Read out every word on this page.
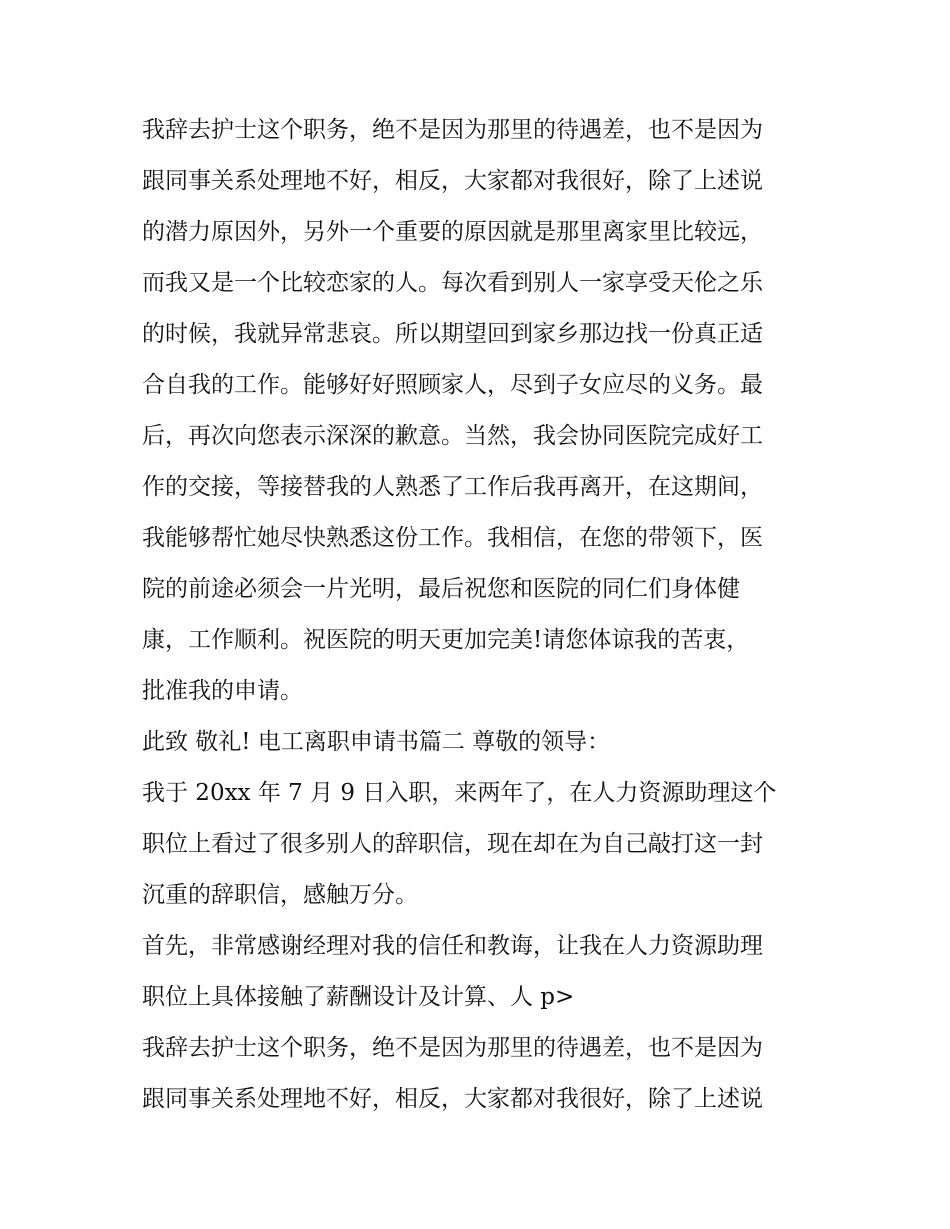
我辞去护士这个职务，绝不是因为那里的待遇差，也不是因为
跟同事关系处理地不好，相反，大家都对我很好，除了上述说
的潜力原因外，另外一个重要的原因就是那里离家里比较远，
而我又是一个比较恋家的人。每次看到别人一家享受天伦之乐
的时候，我就异常悲哀。所以期望回到家乡那边找一份真正适
合自我的工作。能够好好照顾家人，尽到子女应尽的义务。最
后，再次向您表示深深的歉意。当然，我会协同医院完成好工
作的交接，等接替我的人熟悉了工作后我再离开，在这期间，
我能够帮忙她尽快熟悉这份工作。我相信，在您的带领下，医
院的前途必须会一片光明，最后祝您和医院的同仁们身体健
康，工作顺利。祝医院的明天更加完美!请您体谅我的苦衷，
批准我的申请。
此致 敬礼! 电工离职申请书篇二 尊敬的领导：
我于 20xx 年 7 月 9 日入职，来两年了，在人力资源助理这个
职位上看过了很多别人的辞职信，现在却在为自己敲打这一封
沉重的辞职信，感触万分。
首先，非常感谢经理对我的信任和教诲，让我在人力资源助理
职位上具体接触了薪酬设计及计算、人 p>
我辞去护士这个职务，绝不是因为那里的待遇差，也不是因为
跟同事关系处理地不好，相反，大家都对我很好，除了上述说
